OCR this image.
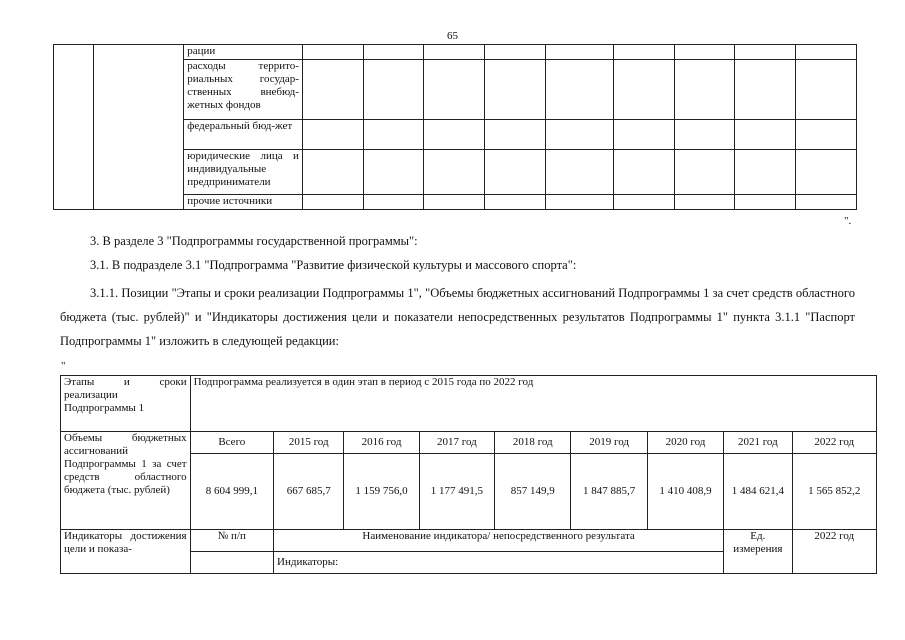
65
		рации									
		расходы террито-риальных государ-ственных внебюд-жетных фондов									
		федеральный бюд-жет									
		юридические лица и индивидуальные предприниматели									
		прочие источники									
".
3. В разделе 3 "Подпрограммы государственной программы":
3.1. В подразделе 3.1 "Подпрограмма "Развитие физической культуры и массового спорта":
3.1.1. Позиции "Этапы и сроки реализации Подпрограммы 1", "Объемы бюджетных ассигнований Подпрограммы 1 за счет средств областного бюджета (тыс. рублей)" и "Индикаторы достижения цели и показатели непосредственных результатов Подпрограммы 1" пункта 3.1.1 "Паспорт Подпрограммы 1" изложить в следующей редакции:
"
Этапы и сроки реализации Подпрограммы 1	Подпрограмма реализуется в один этап в период с 2015 года по 2022 год								
Объемы бюджетных ассигнований Подпрограммы 1 за счет средств областного бюджета (тыс. рублей)	Всего	2015 год	2016 год	2017 год	2018 год	2019 год	2020 год	2021 год	2022 год
	8 604 999,1	667 685,7	1 159 756,0	1 177 491,5	857 149,9	1 847 885,7	1 410 408,9	1 484 621,4	1 565 852,2
Индикаторы достижения цели и показа-	№ п/п	Наименование индикатора/ непосредственного результата						Ед. измерения	2022 год
		Индикаторы:							
